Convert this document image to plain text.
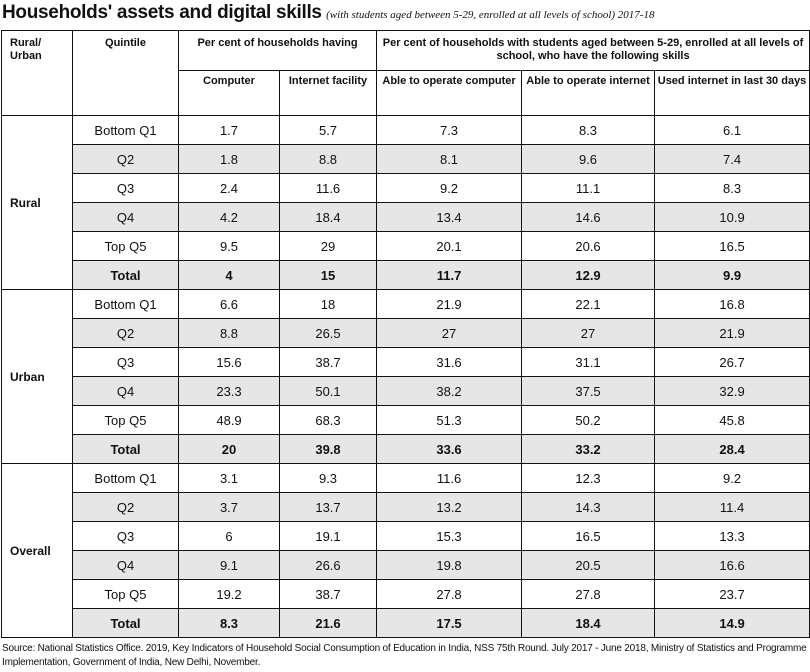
Households' assets and digital skills (with students aged between 5-29, enrolled at all levels of school) 2017-18
Rural/ Urban	Quintile	Per cent of households having		Per cent of households with students aged between 5-29, enrolled at all levels of school, who have the following skills		
		Computer	Internet facility	Able to operate computer	Able to operate internet	Used internet in last 30 days
Rural	Bottom Q1	1.7	5.7	7.3	8.3	6.1
	Q2	1.8	8.8	8.1	9.6	7.4
	Q3	2.4	11.6	9.2	11.1	8.3
	Q4	4.2	18.4	13.4	14.6	10.9
	Top Q5	9.5	29	20.1	20.6	16.5
	Total	4	15	11.7	12.9	9.9
Urban	Bottom Q1	6.6	18	21.9	22.1	16.8
	Q2	8.8	26.5	27	27	21.9
	Q3	15.6	38.7	31.6	31.1	26.7
	Q4	23.3	50.1	38.2	37.5	32.9
	Top Q5	48.9	68.3	51.3	50.2	45.8
	Total	20	39.8	33.6	33.2	28.4
Overall	Bottom Q1	3.1	9.3	11.6	12.3	9.2
	Q2	3.7	13.7	13.2	14.3	11.4
	Q3	6	19.1	15.3	16.5	13.3
	Q4	9.1	26.6	19.8	20.5	16.6
	Top Q5	19.2	38.7	27.8	27.8	23.7
	Total	8.3	21.6	17.5	18.4	14.9
Source: National Statistics Office. 2019, Key Indicators of Household Social Consumption of Education in India, NSS 75th Round. July 2017 - June 2018, Ministry of Statistics and Programme Implementation, Government of India, New Delhi, November.
